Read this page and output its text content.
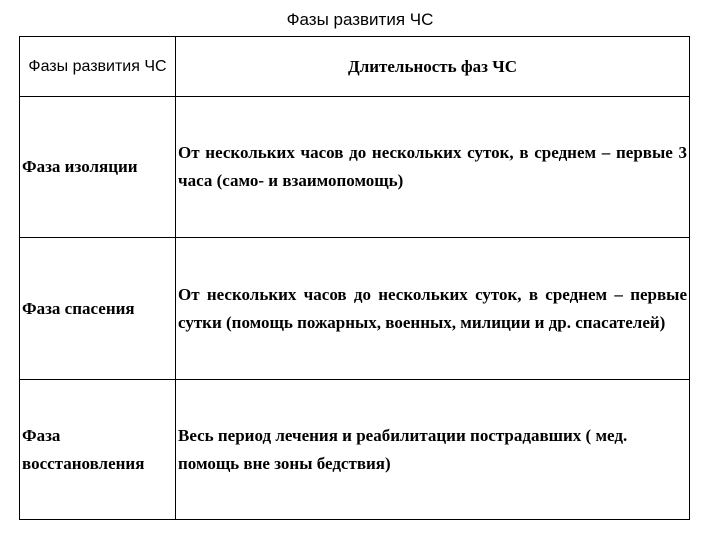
Фазы развития ЧС
Фазы развития ЧС	Длительность фаз ЧС
Фаза изоляции	От нескольких часов до нескольких суток, в среднем – первые 3 часа (само- и взаимопомощь)
Фаза спасения	От нескольких часов до нескольких суток, в среднем – первые сутки (помощь пожарных, военных, милиции и др. спасателей)
Фаза восстановления	Весь период лечения и реабилитации пострадавших ( мед. помощь вне зоны бедствия)
